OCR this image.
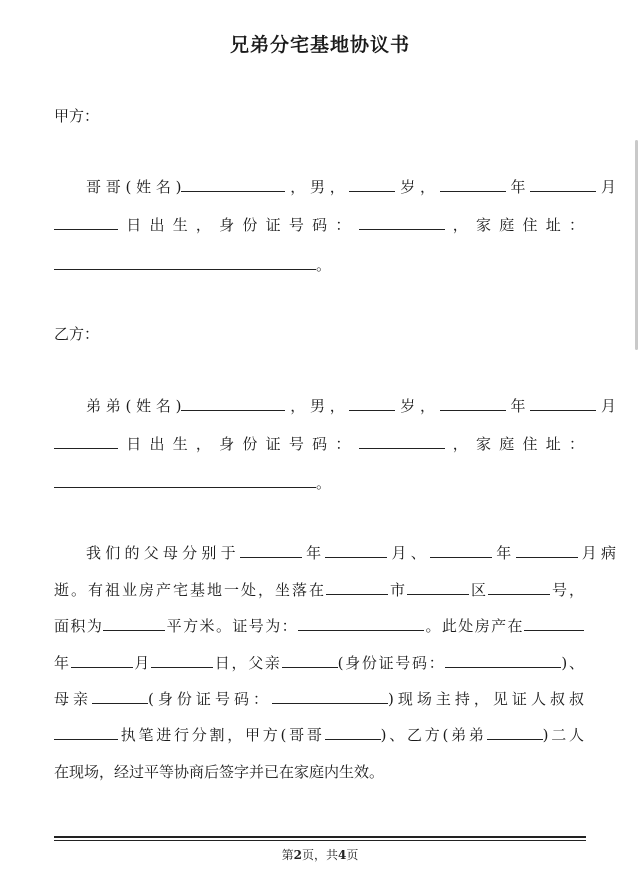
兄弟分宅基地协议书
甲方：
哥哥(姓名)	，男，	岁，	年	月
日出生，身份证号码：	，家庭住址：
。
乙方：
弟弟(姓名)	，男，	岁，	年	月
日出生，身份证号码：	，家庭住址：
。
我们的父母分别于	年	月、	年	月病
逝。有祖业房产宅基地一处，坐落在	市	区	号，
面积为	平方米。证号为：	。此处房产在
年	月	日，父亲	(身份证号码：	)、
母亲	(身份证号码：	)现场主持，见证人叔叔
执笔进行分割，甲方(哥哥	)、乙方(弟弟	)二人
在现场，经过平等协商后签字并已在家庭内生效。
第2页，共4页
